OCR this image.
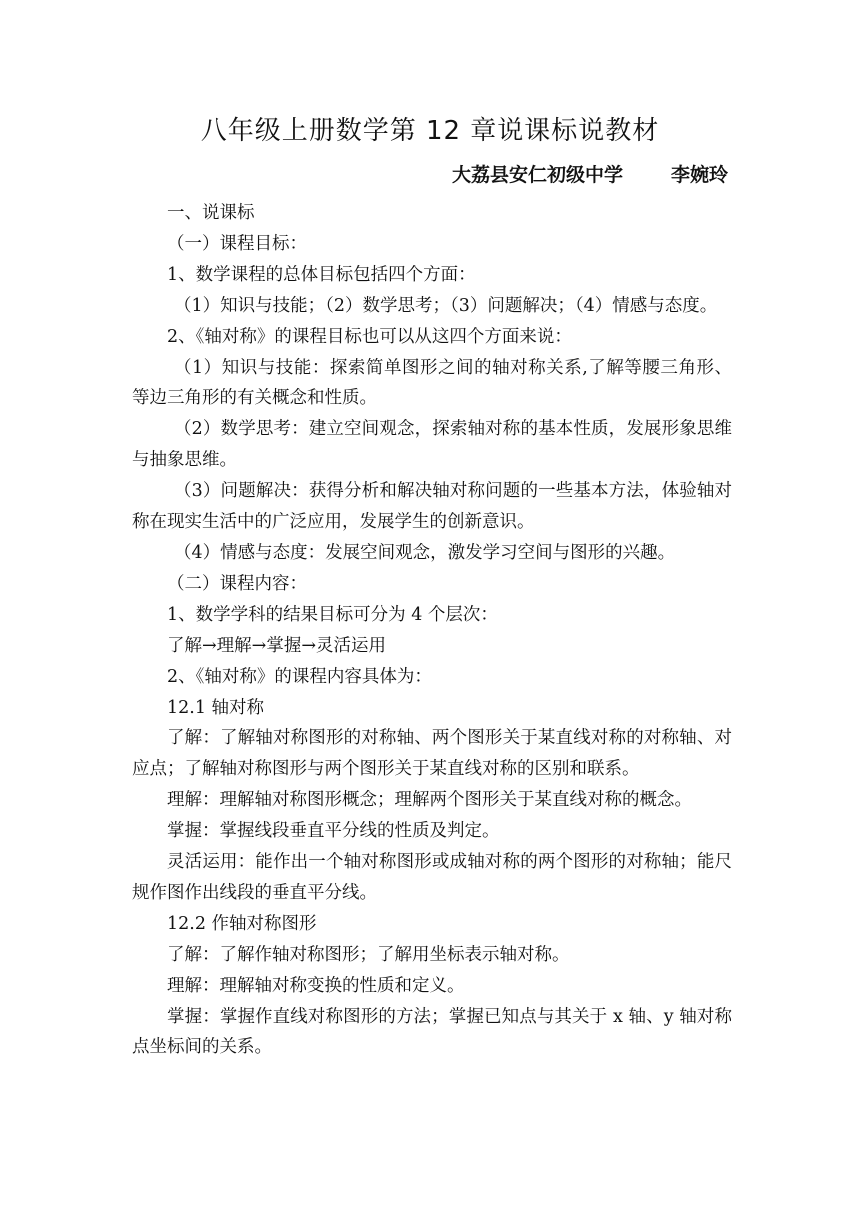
八年级上册数学第 12 章说课标说教材
大荔县安仁初级中学	李婉玲

一、说课标

（一）课程目标：

1、数学课程的总体目标包括四个方面：

（1）知识与技能；（2）数学思考；（3）问题解决；（4）情感与态度。

2、《轴对称》的课程目标也可以从这四个方面来说：

（1）知识与技能：探索简单图形之间的轴对称关系,了解等腰三角形、等边三角形的有关概念和性质。

（2）数学思考：建立空间观念，探索轴对称的基本性质，发展形象思维与抽象思维。

（3）问题解决：获得分析和解决轴对称问题的一些基本方法，体验轴对称在现实生活中的广泛应用，发展学生的创新意识。

（4）情感与态度：发展空间观念，激发学习空间与图形的兴趣。

（二）课程内容：

1、数学学科的结果目标可分为 4 个层次：

了解→理解→掌握→灵活运用

2、《轴对称》的课程内容具体为：

12.1 轴对称

了解：了解轴对称图形的对称轴、两个图形关于某直线对称的对称轴、对应点；了解轴对称图形与两个图形关于某直线对称的区别和联系。

理解：理解轴对称图形概念；理解两个图形关于某直线对称的概念。

掌握：掌握线段垂直平分线的性质及判定。

灵活运用：能作出一个轴对称图形或成轴对称的两个图形的对称轴；能尺规作图作出线段的垂直平分线。

12.2 作轴对称图形

了解：了解作轴对称图形；了解用坐标表示轴对称。

理解：理解轴对称变换的性质和定义。

掌握：掌握作直线对称图形的方法；掌握已知点与其关于 x 轴、y 轴对称点坐标间的关系。
